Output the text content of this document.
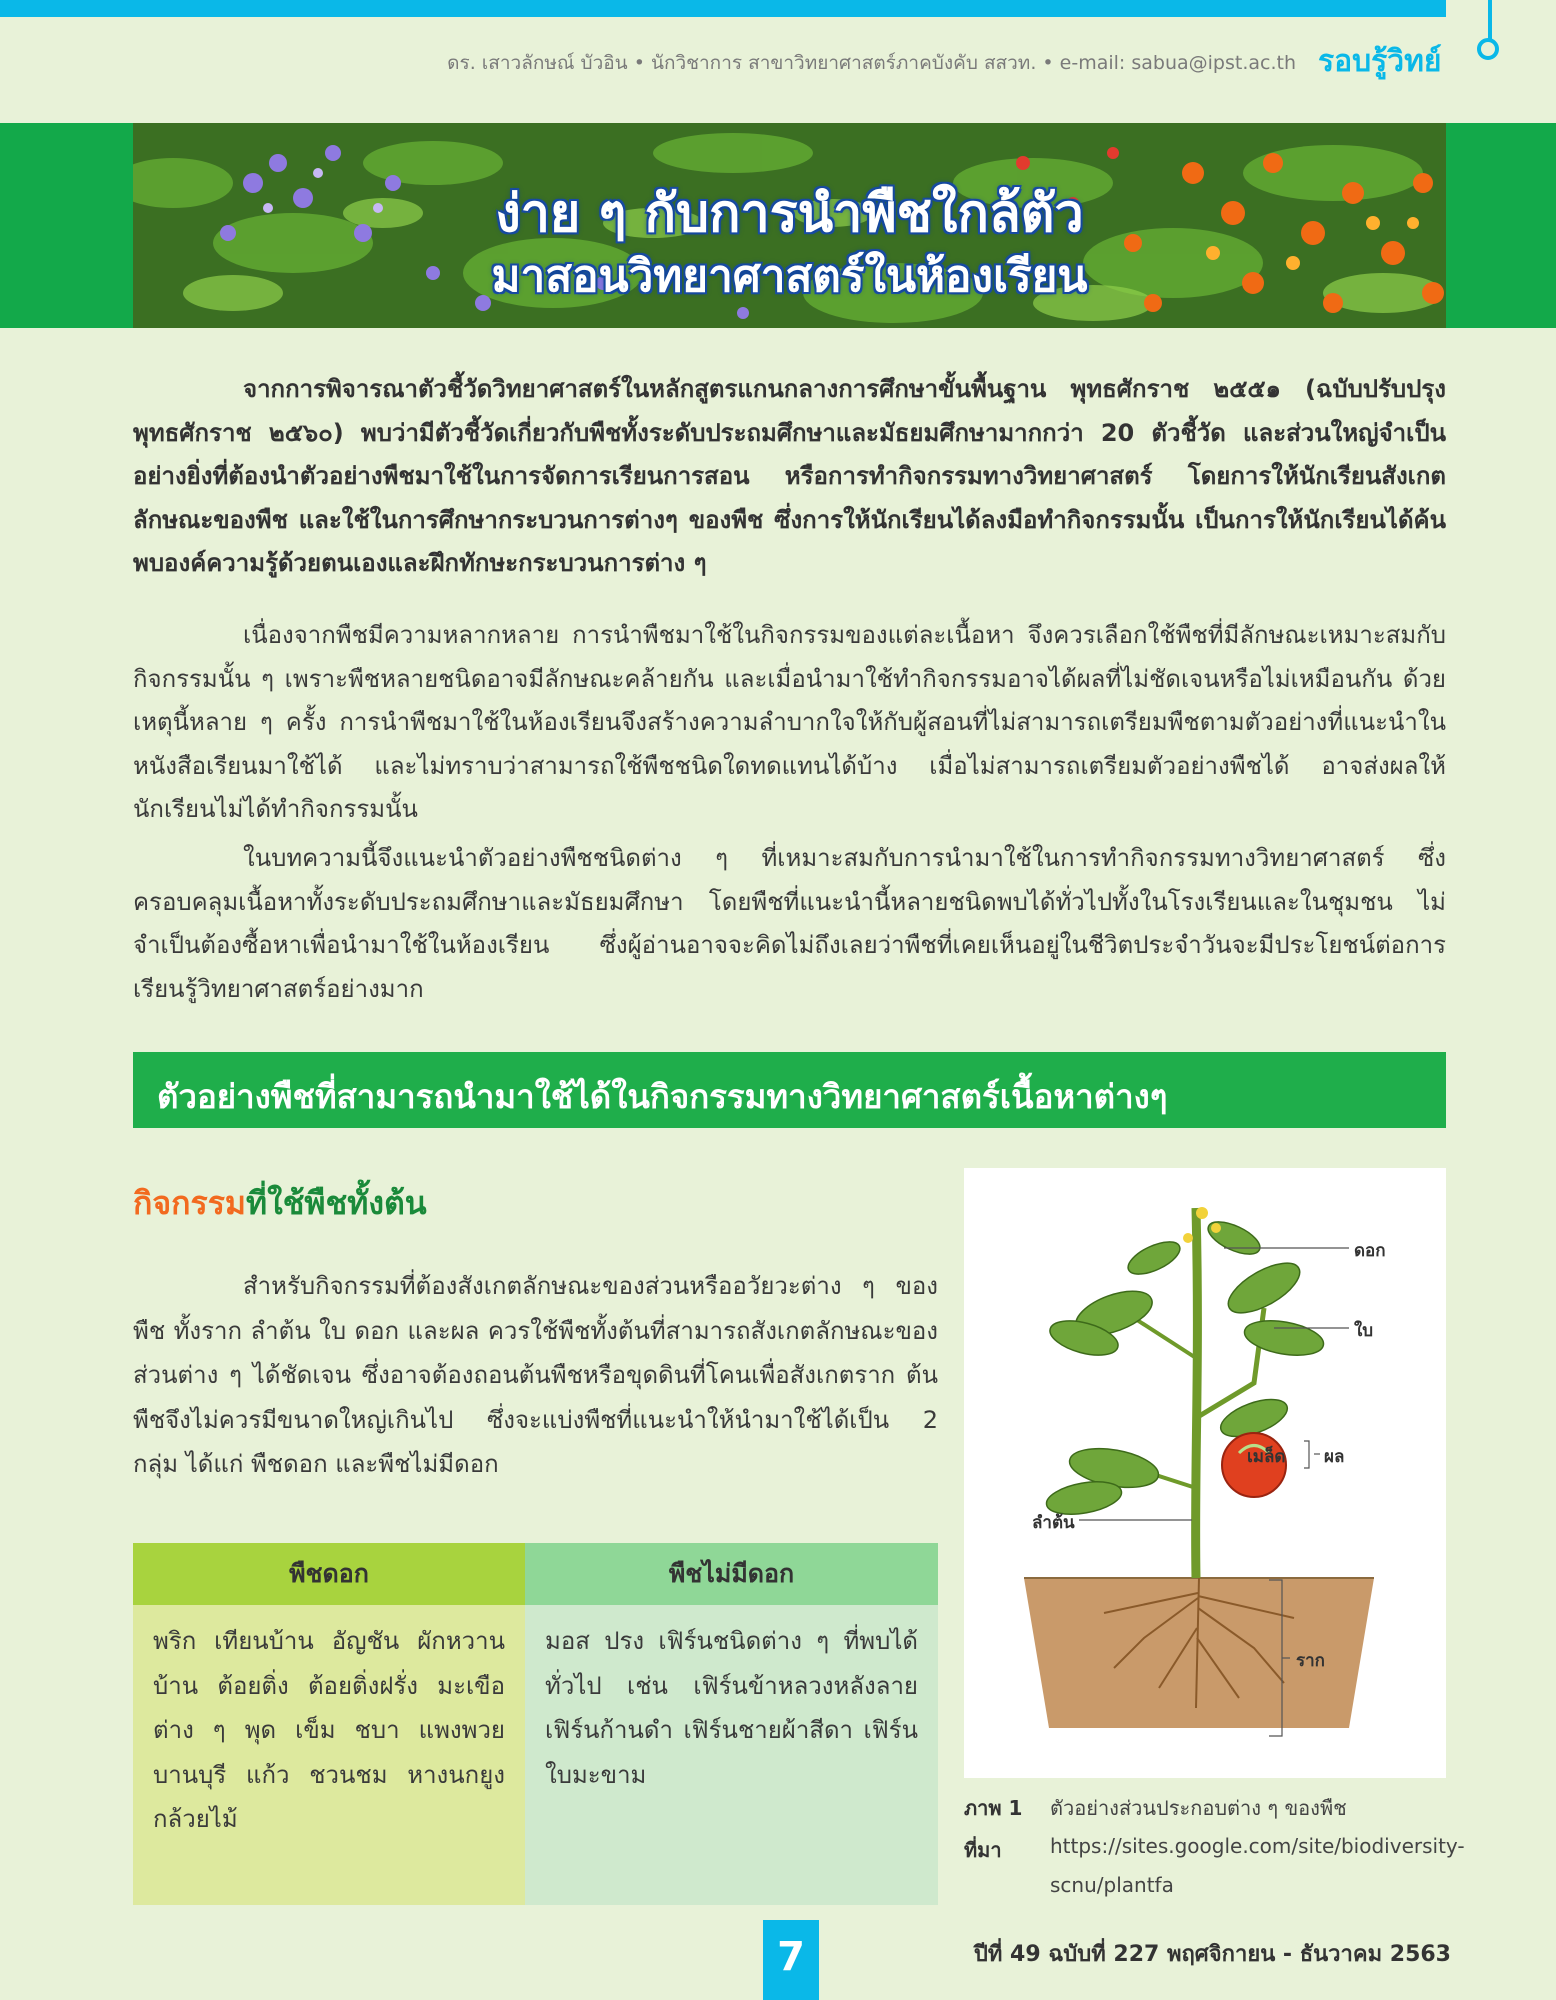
ดร. เสาวลักษณ์ บัวอิน • นักวิชาการ สาขาวิทยาศาสตร์ภาคบังคับ สสวท. • e-mail: sabua@ipst.ac.th รอบรู้วิทย์
ง่าย ๆ กับการนำพืชใกล้ตัว
มาสอนวิทยาศาสตร์ในห้องเรียน

จากการพิจารณาตัวชี้วัดวิทยาศาสตร์ในหลักสูตรแกนกลางการศึกษาขั้นพื้นฐาน พุทธศักราช ๒๕๕๑ (ฉบับปรับปรุง พุทธศักราช ๒๕๖๐) พบว่ามีตัวชี้วัดเกี่ยวกับพืชทั้งระดับประถมศึกษาและมัธยมศึกษามากกว่า 20 ตัวชี้วัด และส่วนใหญ่จำเป็นอย่างยิ่งที่ต้องนำตัวอย่างพืชมาใช้ในการจัดการเรียนการสอน หรือการทำกิจกรรมทางวิทยาศาสตร์ โดยการให้นักเรียนสังเกตลักษณะของพืช และใช้ในการศึกษากระบวนการต่างๆ ของพืช ซึ่งการให้นักเรียนได้ลงมือทำกิจกรรมนั้น เป็นการให้นักเรียนได้ค้นพบองค์ความรู้ด้วยตนเองและฝึกทักษะกระบวนการต่าง ๆ

เนื่องจากพืชมีความหลากหลาย การนำพืชมาใช้ในกิจกรรมของแต่ละเนื้อหา จึงควรเลือกใช้พืชที่มีลักษณะเหมาะสมกับกิจกรรมนั้น ๆ เพราะพืชหลายชนิดอาจมีลักษณะคล้ายกัน และเมื่อนำมาใช้ทำกิจกรรมอาจได้ผลที่ไม่ชัดเจนหรือไม่เหมือนกัน ด้วยเหตุนี้หลาย ๆ ครั้ง การนำพืชมาใช้ในห้องเรียนจึงสร้างความลำบากใจให้กับผู้สอนที่ไม่สามารถเตรียมพืชตามตัวอย่างที่แนะนำในหนังสือเรียนมาใช้ได้ และไม่ทราบว่าสามารถใช้พืชชนิดใดทดแทนได้บ้าง เมื่อไม่สามารถเตรียมตัวอย่างพืชได้ อาจส่งผลให้นักเรียนไม่ได้ทำกิจกรรมนั้น

ในบทความนี้จึงแนะนำตัวอย่างพืชชนิดต่าง ๆ ที่เหมาะสมกับการนำมาใช้ในการทำกิจกรรมทางวิทยาศาสตร์ ซึ่งครอบคลุมเนื้อหาทั้งระดับประถมศึกษาและมัธยมศึกษา โดยพืชที่แนะนำนี้หลายชนิดพบได้ทั่วไปทั้งในโรงเรียนและในชุมชน ไม่จำเป็นต้องซื้อหาเพื่อนำมาใช้ในห้องเรียน ซึ่งผู้อ่านอาจจะคิดไม่ถึงเลยว่าพืชที่เคยเห็นอยู่ในชีวิตประจำวันจะมีประโยชน์ต่อการเรียนรู้วิทยาศาสตร์อย่างมาก

ตัวอย่างพืชที่สามารถนำมาใช้ได้ในกิจกรรมทางวิทยาศาสตร์เนื้อหาต่างๆ
กิจกรรมที่ใช้พืชทั้งต้น

สำหรับกิจกรรมที่ต้องสังเกตลักษณะของส่วนหรืออวัยวะต่าง ๆ ของพืช ทั้งราก ลำต้น ใบ ดอก และผล ควรใช้พืชทั้งต้นที่สามารถสังเกตลักษณะของส่วนต่าง ๆ ได้ชัดเจน ซึ่งอาจต้องถอนต้นพืชหรือขุดดินที่โคนเพื่อสังเกตราก ต้นพืชจึงไม่ควรมีขนาดใหญ่เกินไป ซึ่งจะแบ่งพืชที่แนะนำให้นำมาใช้ได้เป็น 2 กลุ่ม ได้แก่ พืชดอก และพืชไม่มีดอก

พืชดอก	พืชไม่มีดอก
พริก เทียนบ้าน อัญชัน ผักหวานบ้าน ต้อยติ่ง ต้อยติ่งฝรั่ง มะเขือต่าง ๆ พุด เข็ม ชบา แพงพวย บานบุรี แก้ว ชวนชม หางนกยูง กล้วยไม้
มอส ปรง เฟิร์นชนิดต่าง ๆ ที่พบได้ทั่วไป เช่น เฟิร์นข้าหลวงหลังลาย เฟิร์นก้านดำ เฟิร์นชายผ้าสีดา เฟิร์นใบมะขาม
ดอก
ใบ
เมล็ด ผล
ลำต้น
ราก
ภาพ 1 ตัวอย่างส่วนประกอบต่าง ๆ ของพืช
ที่มา https://sites.google.com/site/biodiversity-
scnu/plantfa
7	ปีที่ 49 ฉบับที่ 227 พฤศจิกายน - ธันวาคม 2563
